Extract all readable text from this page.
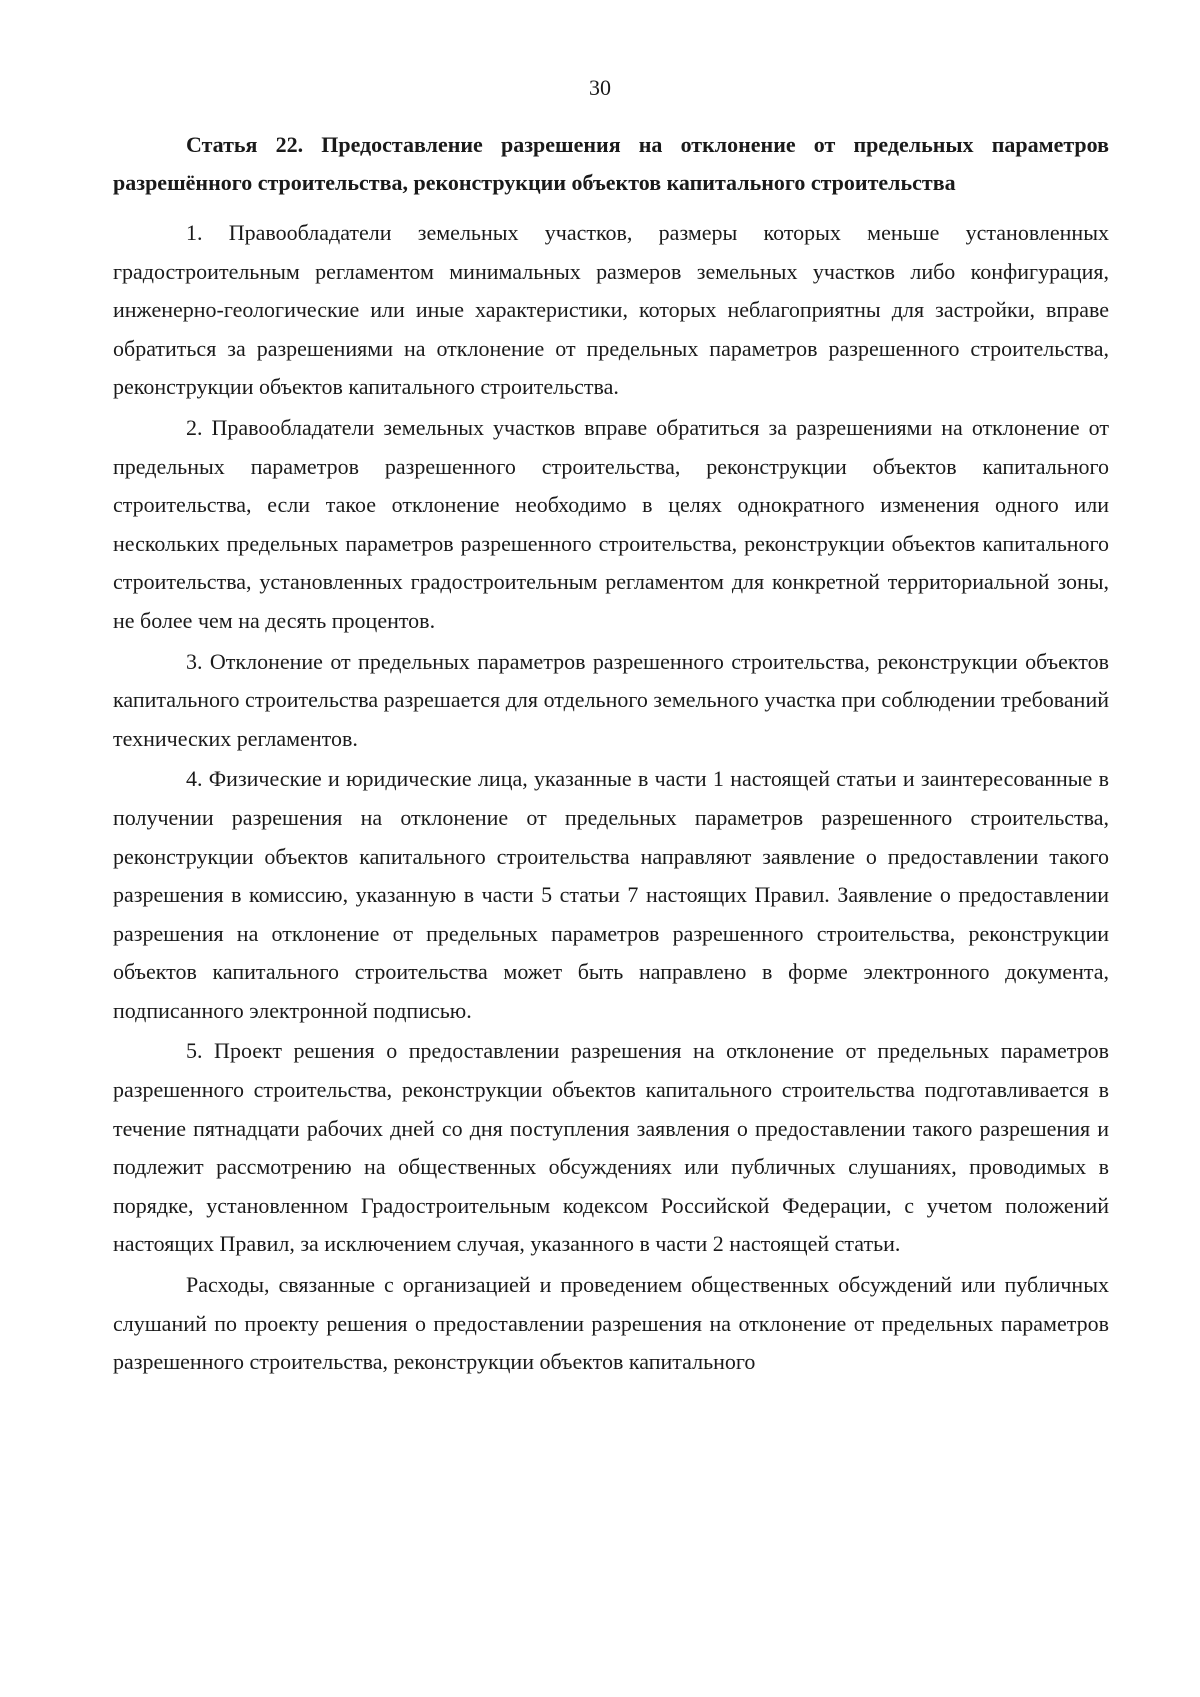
30

Статья 22. Предоставление разрешения на отклонение от предельных параметров разрешённого строительства, реконструкции объектов капитального строительства

1. Правообладатели земельных участков, размеры которых меньше установленных градостроительным регламентом минимальных размеров земельных участков либо конфигурация, инженерно-геологические или иные характеристики, которых неблагоприятны для застройки, вправе обратиться за разрешениями на отклонение от предельных параметров разрешенного строительства, реконструкции объектов капитального строительства.

2. Правообладатели земельных участков вправе обратиться за разрешениями на отклонение от предельных параметров разрешенного строительства, реконструкции объектов капитального строительства, если такое отклонение необходимо в целях однократного изменения одного или нескольких предельных параметров разрешенного строительства, реконструкции объектов капитального строительства, установленных градостроительным регламентом для конкретной территориальной зоны, не более чем на десять процентов.

3. Отклонение от предельных параметров разрешенного строительства, реконструкции объектов капитального строительства разрешается для отдельного земельного участка при соблюдении требований технических регламентов.

4. Физические и юридические лица, указанные в части 1 настоящей статьи и заинтересованные в получении разрешения на отклонение от предельных параметров разрешенного строительства, реконструкции объектов капитального строительства направляют заявление о предоставлении такого разрешения в комиссию, указанную в части 5 статьи 7 настоящих Правил. Заявление о предоставлении разрешения на отклонение от предельных параметров разрешенного строительства, реконструкции объектов капитального строительства может быть направлено в форме электронного документа, подписанного электронной подписью.

5. Проект решения о предоставлении разрешения на отклонение от предельных параметров разрешенного строительства, реконструкции объектов капитального строительства подготавливается в течение пятнадцати рабочих дней со дня поступления заявления о предоставлении такого разрешения и подлежит рассмотрению на общественных обсуждениях или публичных слушаниях, проводимых в порядке, установленном Градостроительным кодексом Российской Федерации, с учетом положений настоящих Правил, за исключением случая, указанного в части 2 настоящей статьи.

Расходы, связанные с организацией и проведением общественных обсуждений или публичных слушаний по проекту решения о предоставлении разрешения на отклонение от предельных параметров разрешенного строительства, реконструкции объектов капитального
